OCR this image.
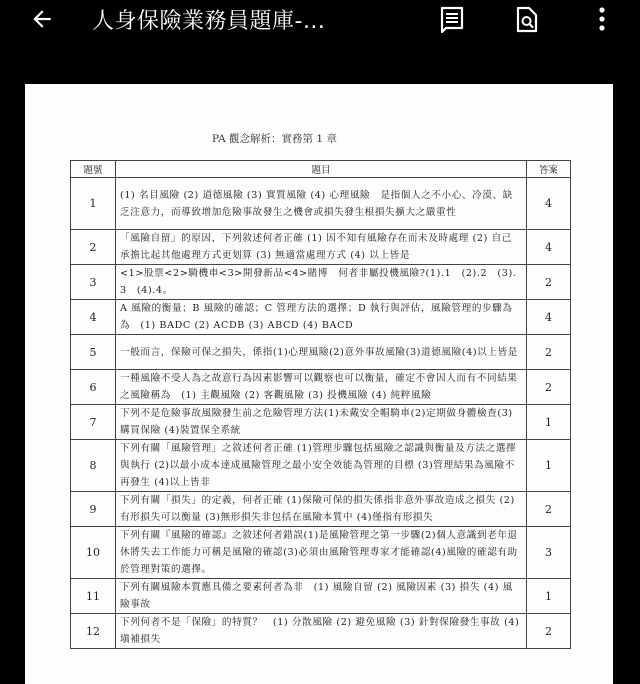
人身保險業務員題庫-...
PA 觀念解析：實務第 1 章
題號	題目	答案
1	(1) 名目風險 (2) 道德風險 (3) 實質風險 (4) 心理風險　是指個人之不小心、冷漠、缺乏注意力，而導致增加危險事故發生之機會或損失發生根損失擴大之嚴重性	4
2	「風險自留」的原因，下列敘述何者正確 (1) 因不知有風險存在而未及時處理 (2) 自己承擔比起其他處理方式更划算 (3) 無適當處理方式 (4) 以上皆是	4
3	<1>股票<2>騎機車<3>開發新品<4>賭博　何者非屬投機風險?(1).1　(2).2　(3).3　(4).4。	2
4	A 風險的衡量；B 風險的確認；C 管理方法的選擇；D 執行與評估，風險管理的步驟為為　(1) BADC (2) ACDB (3) ABCD (4) BACD	4
5	一般而言，保險可保之損失，係指(1)心理風險(2)意外事故風險(3)道德風險(4)以上皆是	2
6	一種風險不受人為之故意行為因素影響可以觀察也可以衡量，確定不會因人而有不同結果之風險稱為　(1) 主觀風險 (2) 客觀風險 (3) 投機風險 (4) 純粹風險	2
7	下列不是危險事故風險發生前之危險管理方法(1)未戴安全帽騎車(2)定期做身體檢查(3)購買保險 (4)裝置保全系統	1
8	下列有關「風險管理」之敘述何者正確 (1)管理步驟包括風險之認識與衡量及方法之選擇與執行 (2)以最小成本達成風險管理之最小安全效能為管理的目標 (3)管理結果為風險不再發生 (4)以上皆非	1
9	下列有關「損失」的定義，何者正確 (1)保險可保的損失係指非意外事故造成之損失 (2)有形損失可以衡量 (3)無形損失非包括在風險本質中 (4)僅指有形損失	2
10	下列有關『風險的確認』之敘述何者錯誤(1)是風險管理之第一步驟(2)個人意識到老年退休將失去工作能力可稱是風險的確認(3)必須由風險管理專家才能確認(4)風險的確認有助於管理對策的選擇。	3
11	下列有關風險本質應具備之要素何者為非　(1) 風險自留 (2) 風險因素 (3) 損失 (4) 風險事故	1
12	下列何者不是「保險」的特質？　(1) 分散風險 (2) 避免風險 (3) 針對保險發生事故 (4) 塡補損失	2
